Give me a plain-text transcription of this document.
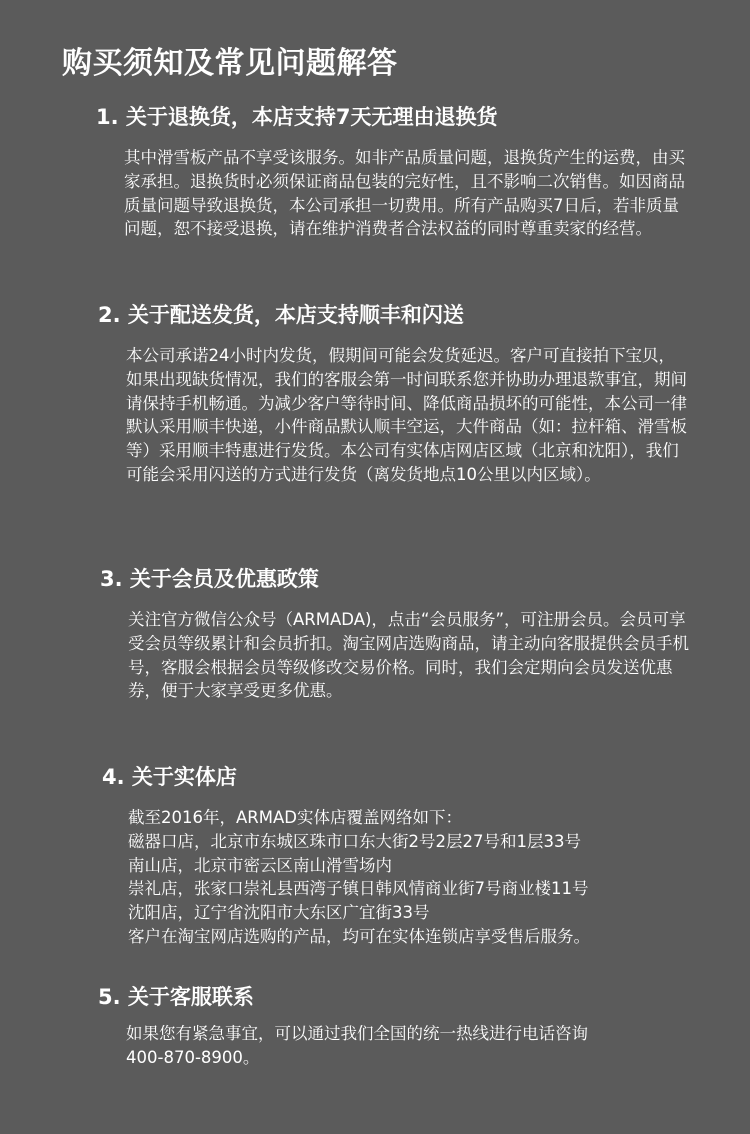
购买须知及常见问题解答
1. 关于退换货，本店支持7天无理由退换货

其中滑雪板产品不享受该服务。如非产品质量问题，退换货产生的运费，由买家承担。退换货时必须保证商品包装的完好性，且不影响二次销售。如因商品质量问题导致退换货，本公司承担一切费用。所有产品购买7日后，若非质量问题，恕不接受退换，请在维护消费者合法权益的同时尊重卖家的经营。

2. 关于配送发货，本店支持顺丰和闪送

本公司承诺24小时内发货，假期间可能会发货延迟。客户可直接拍下宝贝，如果出现缺货情况，我们的客服会第一时间联系您并协助办理退款事宜，期间请保持手机畅通。为减少客户等待时间、降低商品损坏的可能性，本公司一律默认采用顺丰快递，小件商品默认顺丰空运，大件商品（如：拉杆箱、滑雪板等）采用顺丰特惠进行发货。本公司有实体店网店区域（北京和沈阳），我们可能会采用闪送的方式进行发货（离发货地点10公里以内区域）。

3. 关于会员及优惠政策

关注官方微信公众号（ARMADA)，点击“会员服务”，可注册会员。会员可享受会员等级累计和会员折扣。淘宝网店选购商品，请主动向客服提供会员手机号，客服会根据会员等级修改交易价格。同时，我们会定期向会员发送优惠券，便于大家享受更多优惠。

4. 关于实体店

截至2016年，ARMAD实体店覆盖网络如下：

磁器口店，北京市东城区珠市口东大街2号2层27号和1层33号

南山店，北京市密云区南山滑雪场内

崇礼店，张家口崇礼县西湾子镇日韩风情商业街7号商业楼11号

沈阳店，辽宁省沈阳市大东区广宜街33号

客户在淘宝网店选购的产品，均可在实体连锁店享受售后服务。

5. 关于客服联系

如果您有紧急事宜，可以通过我们全国的统一热线进行电话咨询

400-870-8900。
